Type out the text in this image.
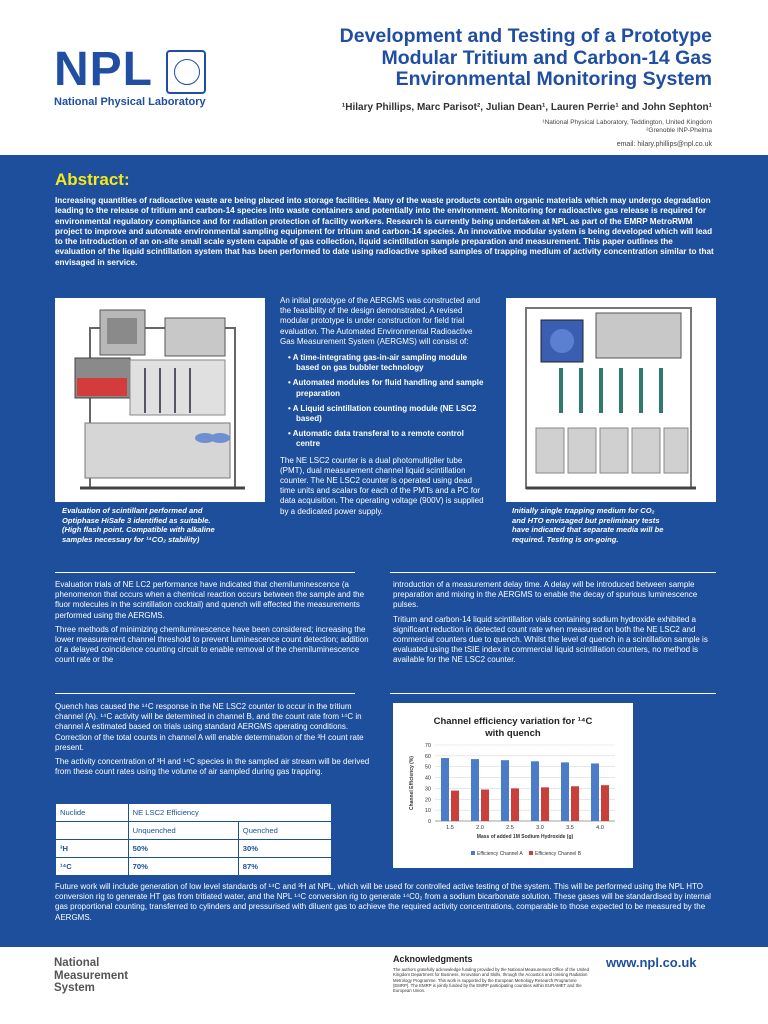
NPL
National Physical Laboratory
Development and Testing of a Prototype
Modular Tritium and Carbon-14 Gas
Environmental Monitoring System
¹Hilary Phillips, Marc Parisot², Julian Dean¹, Lauren Perrie¹ and John Sephton¹
¹National Physical Laboratory, Teddington, United Kingdom
²Grenoble INP-Phelma
email: hilary.phillips@npl.co.uk
Abstract:
Increasing quantities of radioactive waste are being placed into storage facilities. Many of the waste products contain organic materials which may undergo degradation leading to the release of tritium and carbon-14 species into waste containers and potentially into the environment. Monitoring for radioactive gas release is required for environmental regulatory compliance and for radiation protection of facility workers. Research is currently being undertaken at NPL as part of the EMRP MetroRWM project to improve and automate environmental sampling equipment for tritium and carbon-14 species. An innovative modular system is being developed which will lead to the introduction of an on-site small scale system capable of gas collection, liquid scintillation sample preparation and measurement. This paper outlines the evaluation of the liquid scintillation system that has been performed to date using radioactive spiked samples of trapping medium of activity concentration similar to that envisaged in service.
Evaluation of scintillant performed and
Optiphase HiSafe 3 identified as suitable.
(High flash point. Compatible with alkaline
samples necessary for ¹⁴CO₂ stability)

An initial prototype of the AERGMS was constructed and the feasibility of the design demonstrated. A revised modular prototype is under construction for field trial evaluation. The Automated Environmental Radioactive Gas Measurement System (AERGMS) will consist of:

• A time-integrating gas-in-air sampling module based on gas bubbler technology
• Automated modules for fluid handling and sample preparation
• A Liquid scintillation counting module (NE LSC2 based)
• Automatic data transferal to a remote control centre

The NE LSC2 counter is a dual photomultiplier tube (PMT), dual measurement channel liquid scintillation counter. The NE LSC2 counter is operated using dead time units and scalars for each of the PMTs and a PC for data acquisition. The operating voltage (900V) is supplied by a dedicated power supply.	Initially single trapping medium for CO₂
and HTO envisaged but preliminary tests
have indicated that separate media will be
required. Testing is on-going.

Evaluation trials of NE LC2 performance have indicated that chemiluminescence (a phenomenon that occurs when a chemical reaction occurs between the sample and the fluor molecules in the scintillation cocktail) and quench will effected the measurements performed using the AERGMS.

Three methods of minimizing chemiluminescence have been considered; increasing the lower measurement channel threshold to prevent luminescence count detection; addition of a delayed coincidence counting circuit to enable removal of the chemiluminescence count rate or the

introduction of a measurement delay time. A delay will be introduced between sample preparation and mixing in the AERGMS to enable the decay of spurious luminescence pulses.

Tritium and carbon-14 liquid scintillation vials containing sodium hydroxide exhibited a significant reduction in detected count rate when measured on both the NE LSC2 and commercial counters due to quench. Whilst the level of quench in a scintillation sample is evaluated using the tSIE index in commercial liquid scintillation counters, no method is available for the NE LSC2 counter.

Quench has caused the ¹⁴C response in the NE LSC2 counter to occur in the tritium channel (A). ¹⁴C activity will be determined in channel B, and the count rate from ¹⁴C in channel A estimated based on trials using standard AERGMS operating conditions. Correction of the total counts in channel A will enable determination of the ³H count rate present.

The activity concentration of ³H and ¹⁴C species in the sampled air stream will be derived from these count rates using the volume of air sampled during gas trapping.

Nuclide	NE LSC2 Efficiency	
	Unquenched	Quenched
³H	50%	30%
¹⁴C	70%	87%
Channel efficiency variation for ¹⁴C
with quench
0
10
20
30
40
50
60
70
Channel Efficiency (%)
1.5	2.0	2.5	3.0	3.5	4.0
Mass of added 1M Sodium Hydroxide (g)
Efficiency Channel A Efficiency Channel B
Future work will include generation of low level standards of ¹⁴C and ³H at NPL, which will be used for controlled active testing of the system. This will be performed using the NPL HTO conversion rig to generate HT gas from tritiated water, and the NPL ¹⁴C conversion rig to generate ¹⁴C0₂ from a sodium bicarbonate solution. These gases will be standardised by internal gas proportional counting, transferred to cylinders and pressurised with diluent gas to achieve the required activity concentrations, comparable to those expected to be measured by the AERGMS.
National
Measurement
System
Acknowledgments
The authors gratefully acknowledge funding provided by the National Measurement Office of the United Kingdom Department for Business, Innovation and Skills, through the Acoustics and Ionising Radiation Metrology Programme. This work is supported by the European Metrology Research Programme (EMRP). The EMRP is jointly funded by the EMRP participating countries within EURAMET and the European Union.
www.npl.co.uk
